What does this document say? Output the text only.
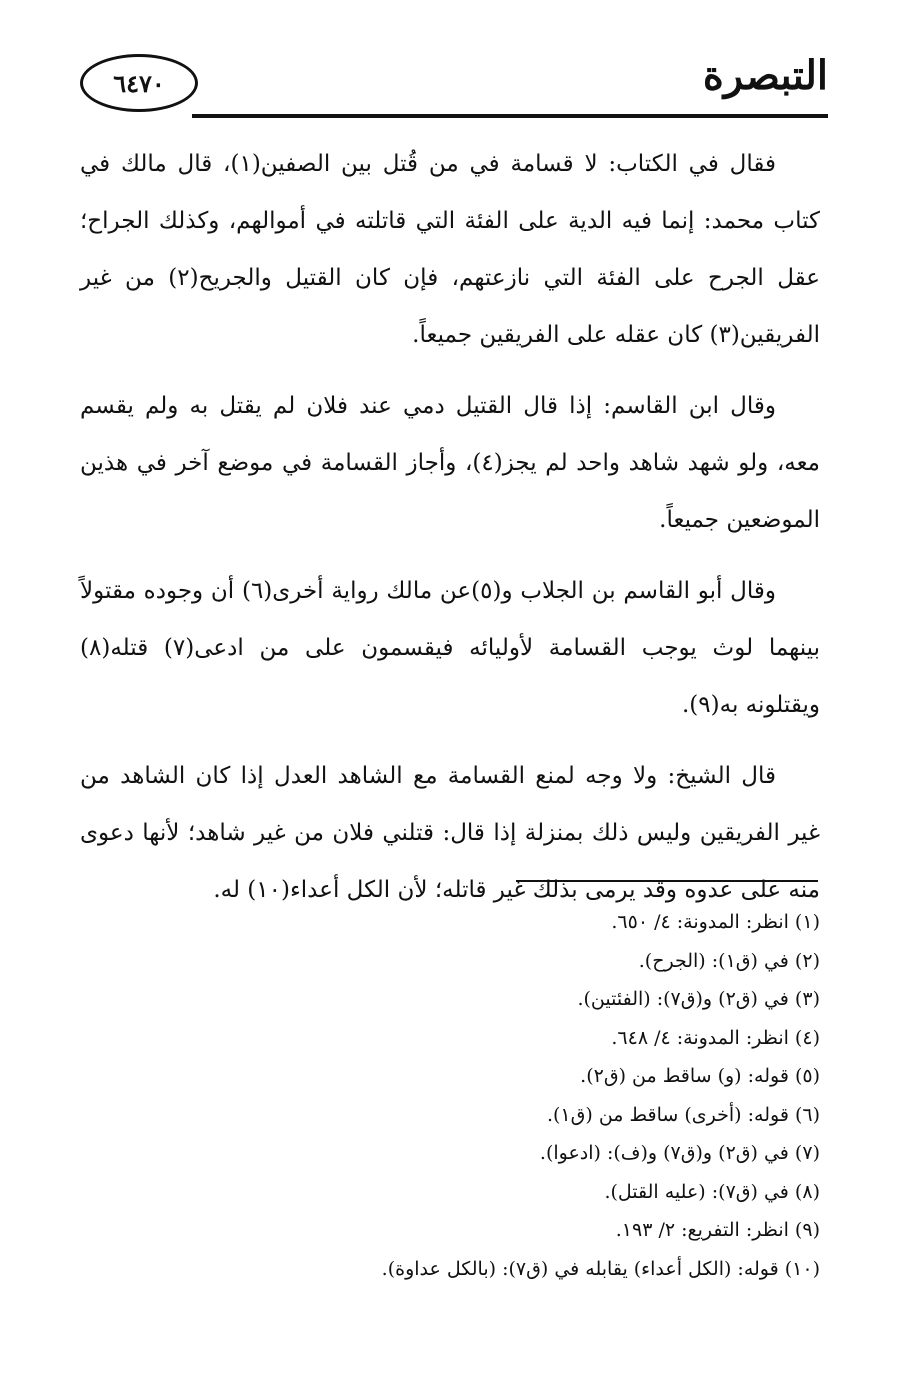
التبصرة
٦٤٧٠

فقال في الكتاب: لا قسامة في من قُتل بين الصفين(١)، قال مالك في كتاب محمد: إنما فيه الدية على الفئة التي قاتلته في أموالهم، وكذلك الجراح؛ عقل الجرح على الفئة التي نازعتهم، فإن كان القتيل والجريح(٢) من غير الفريقين(٣) كان عقله على الفريقين جميعاً.

وقال ابن القاسم: إذا قال القتيل دمي عند فلان لم يقتل به ولم يقسم معه، ولو شهد شاهد واحد لم يجز(٤)، وأجاز القسامة في موضع آخر في هذين الموضعين جميعاً.

وقال أبو القاسم بن الجلاب و(٥)عن مالك رواية أخرى(٦) أن وجوده مقتولاً بينهما لوث يوجب القسامة لأوليائه فيقسمون على من ادعى(٧) قتله(٨) ويقتلونه به(٩).

قال الشيخ: ولا وجه لمنع القسامة مع الشاهد العدل إذا كان الشاهد من غير الفريقين وليس ذلك بمنزلة إذا قال: قتلني فلان من غير شاهد؛ لأنها دعوى منه على عدوه وقد يرمى بذلك غير قاتله؛ لأن الكل أعداء(١٠) له.

(١) انظر: المدونة: ٤/ ٦٥٠.
(٢) في (ق١): (الجرح).
(٣) في (ق٢) و(ق٧): (الفئتين).
(٤) انظر: المدونة: ٤/ ٦٤٨.
(٥) قوله: (و) ساقط من (ق٢).
(٦) قوله: (أخرى) ساقط من (ق١).
(٧) في (ق٢) و(ق٧) و(ف): (ادعوا).
(٨) في (ق٧): (عليه القتل).
(٩) انظر: التفريع: ٢/ ١٩٣.
(١٠) قوله: (الكل أعداء) يقابله في (ق٧): (بالكل عداوة).
